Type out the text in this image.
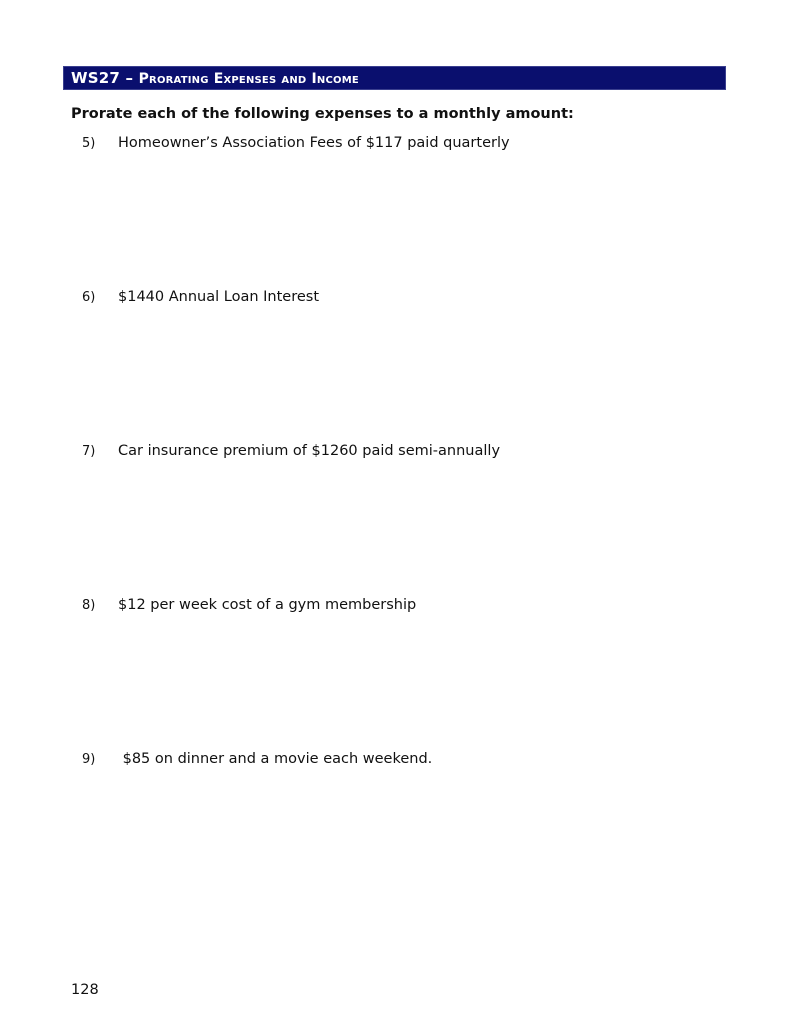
WS27 – Prorating Expenses and Income
Prorate each of the following expenses to a monthly amount:
5)	Homeowner’s Association Fees of $117 paid quarterly
6)	$1440 Annual Loan Interest
7)	Car insurance premium of $1260 paid semi-annually
8)	$12 per week cost of a gym membership
9)	$85 on dinner and a movie each weekend.
128
